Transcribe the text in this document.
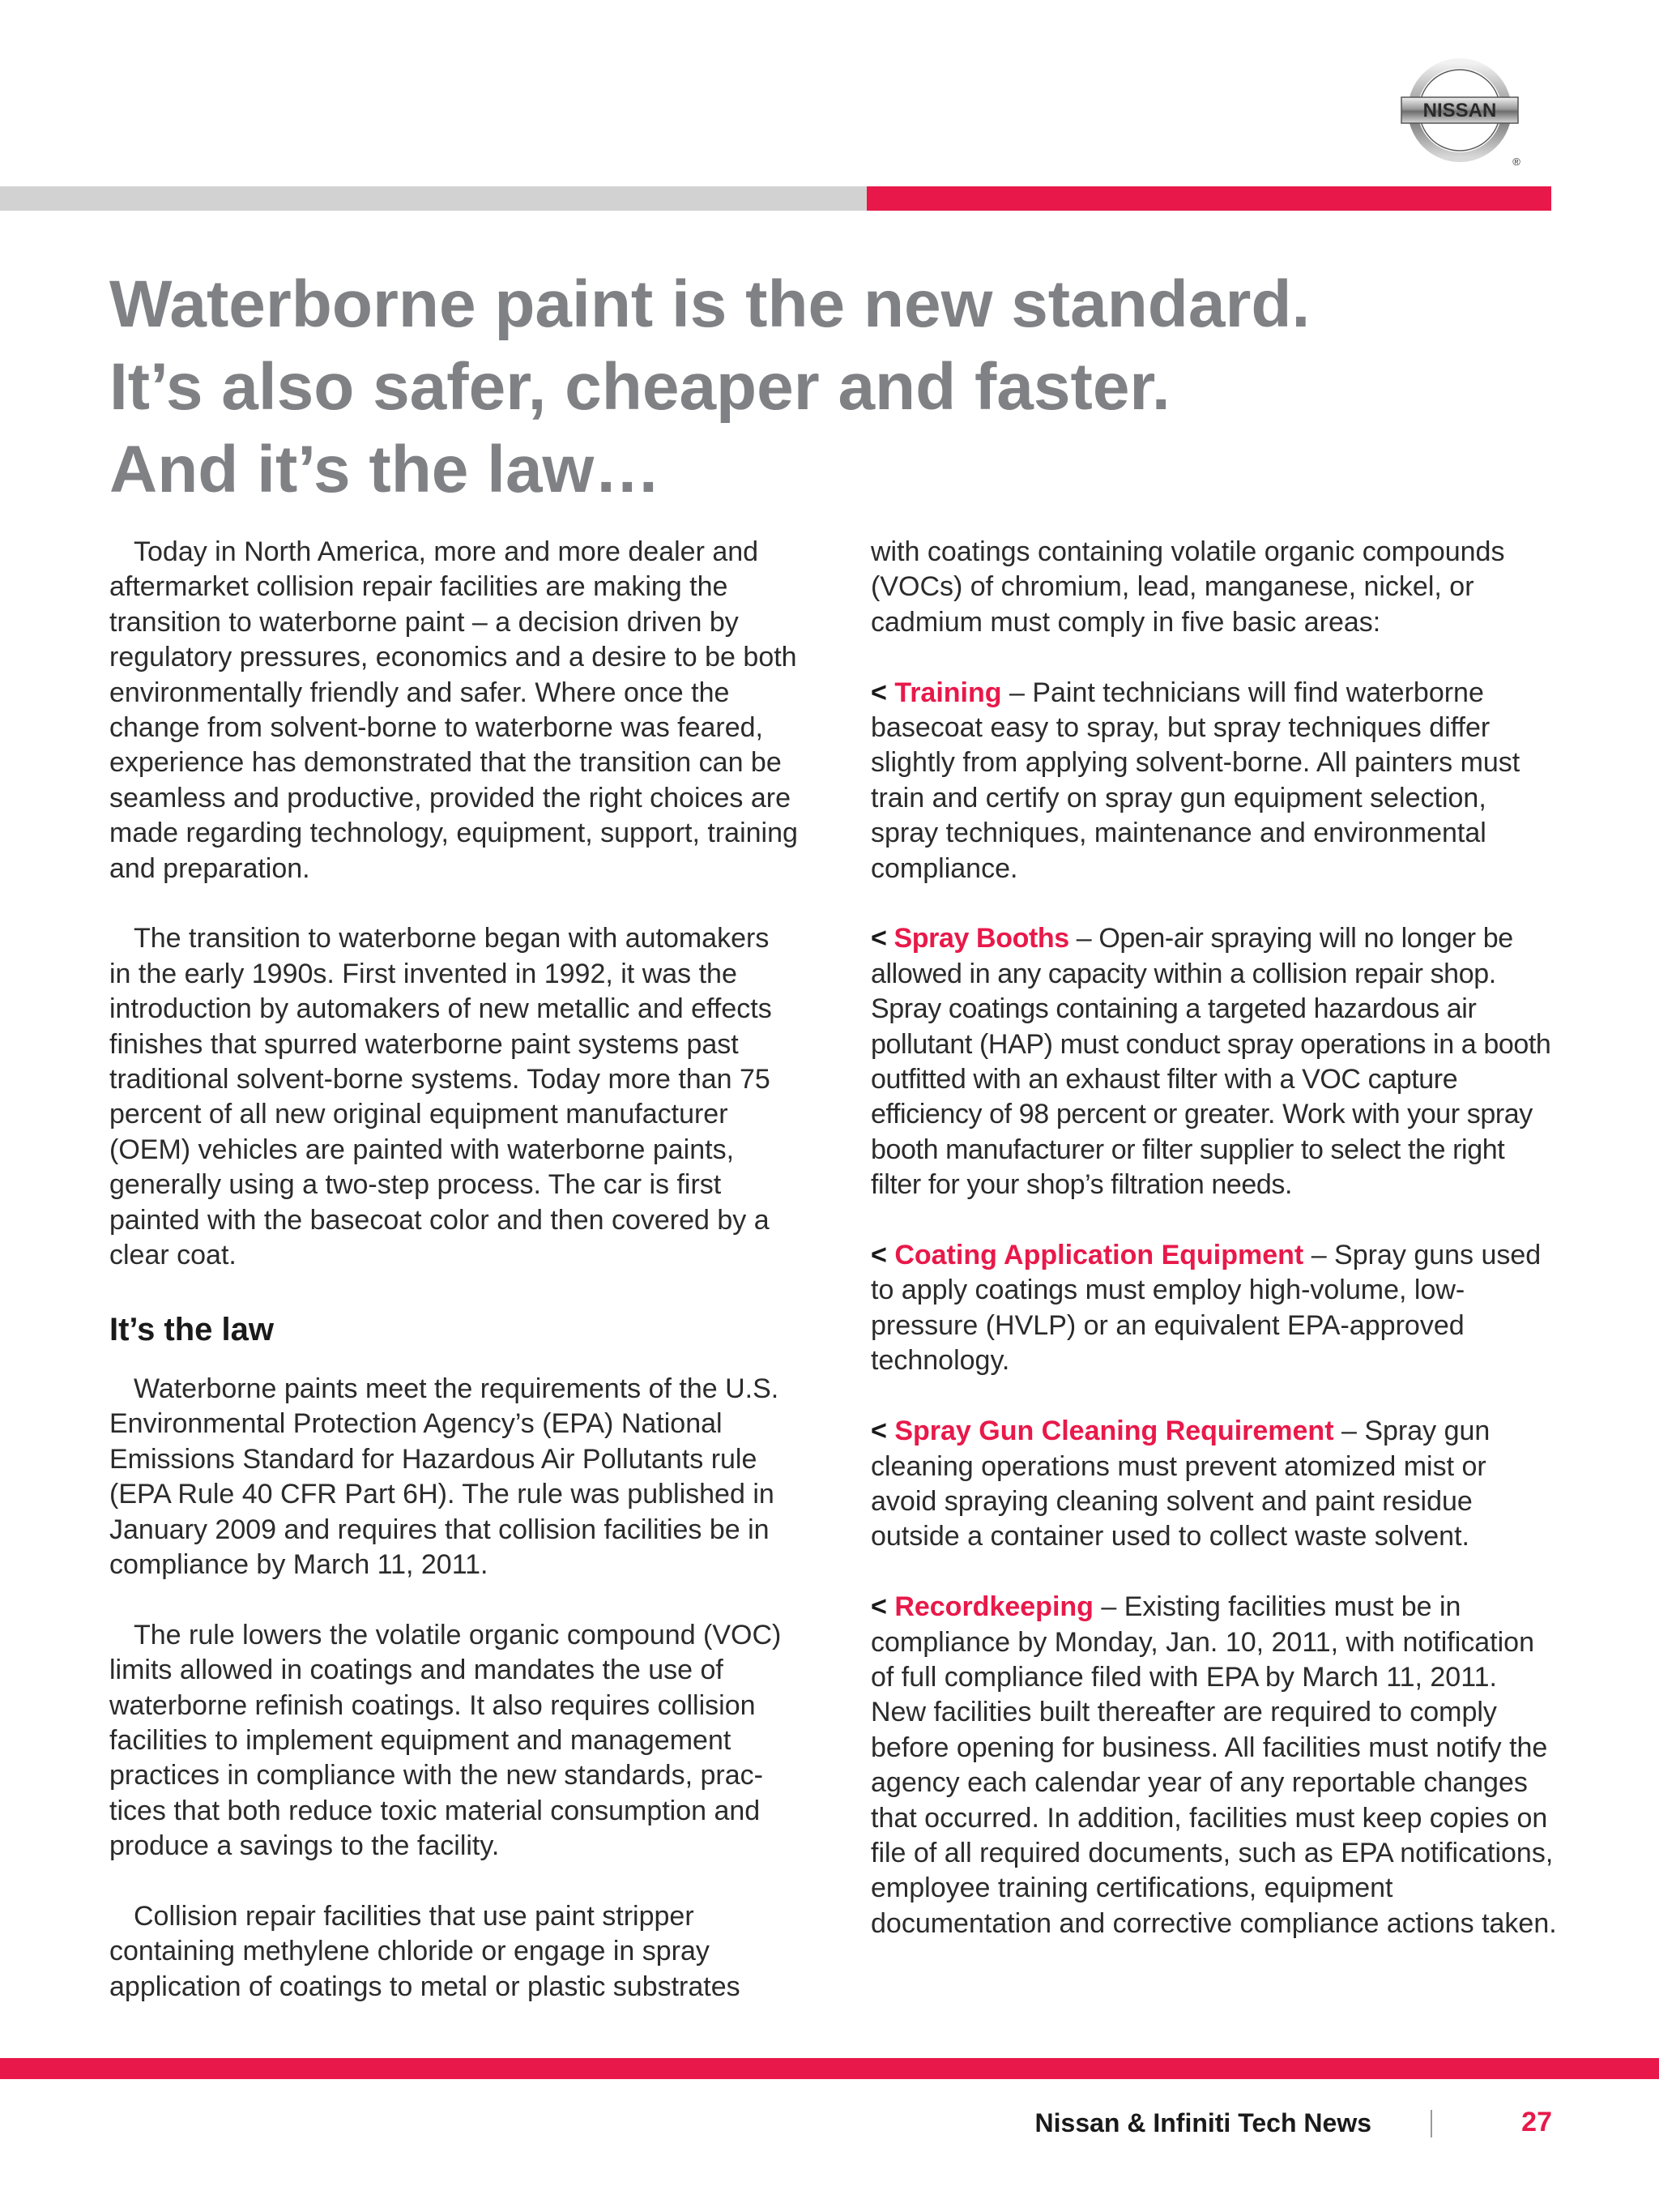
NISSAN
®
Waterborne paint is the new standard.
It’s also safer, cheaper and faster.
And it’s the law…

Today in North America, more and more dealer and aftermarket collision repair facilities are making the transition to waterborne paint – a decision driven by regulatory pressures, economics and a desire to be both environmentally friendly and safer. Where once the change from solvent-borne to waterborne was feared, experience has demonstrated that the transition can be seamless and productive, provided the right choices are made regarding technology, equipment, support, training and preparation.

The transition to waterborne began with automakers in the early 1990s. First invented in 1992, it was the introduction by automakers of new metallic and effects finishes that spurred waterborne paint systems past traditional solvent-borne systems. Today more than 75 percent of all new original equipment manufacturer (OEM) vehicles are painted with waterborne paints, generally using a two-step process. The car is first painted with the basecoat color and then covered by a clear coat.

It’s the law

Waterborne paints meet the requirements of the U.S. Environmental Protection Agency’s (EPA) National Emissions Standard for Hazardous Air Pollutants rule (EPA Rule 40 CFR Part 6H). The rule was published in January 2009 and requires that collision facilities be in compliance by March 11, 2011.

The rule lowers the volatile organic compound (VOC) limits allowed in coatings and mandates the use of waterborne refinish coatings. It also requires collision facilities to implement equipment and management practices in compliance with the new standards, prac-tices that both reduce toxic material consumption and produce a savings to the facility.

Collision repair facilities that use paint stripper containing methylene chloride or engage in spray application of coatings to metal or plastic substrates

with coatings containing volatile organic compounds (VOCs) of chromium, lead, manganese, nickel, or cadmium must comply in five basic areas:

< Training – Paint technicians will find waterborne basecoat easy to spray, but spray techniques differ slightly from applying solvent-borne. All painters must train and certify on spray gun equipment selection, spray techniques, maintenance and environmental compliance.

< Spray Booths – Open-air spraying will no longer be allowed in any capacity within a collision repair shop. Spray coatings containing a targeted hazardous air pollutant (HAP) must conduct spray operations in a booth outfitted with an exhaust filter with a VOC capture efficiency of 98 percent or greater. Work with your spray booth manufacturer or filter supplier to select the right filter for your shop’s filtration needs.

< Coating Application Equipment – Spray guns used to apply coatings must employ high-volume, low-pressure (HVLP) or an equivalent EPA-approved technology.

< Spray Gun Cleaning Requirement – Spray gun cleaning operations must prevent atomized mist or avoid spraying cleaning solvent and paint residue outside a container used to collect waste solvent.

< Recordkeeping – Existing facilities must be in compliance by Monday, Jan. 10, 2011, with notification of full compliance filed with EPA by March 11, 2011. New facilities built thereafter are required to comply before opening for business. All facilities must notify the agency each calendar year of any reportable changes that occurred. In addition, facilities must keep copies on file of all required documents, such as EPA notifications, employee training certifications, equipment documentation and corrective compliance actions taken.

Nissan & Infiniti Tech News	27
